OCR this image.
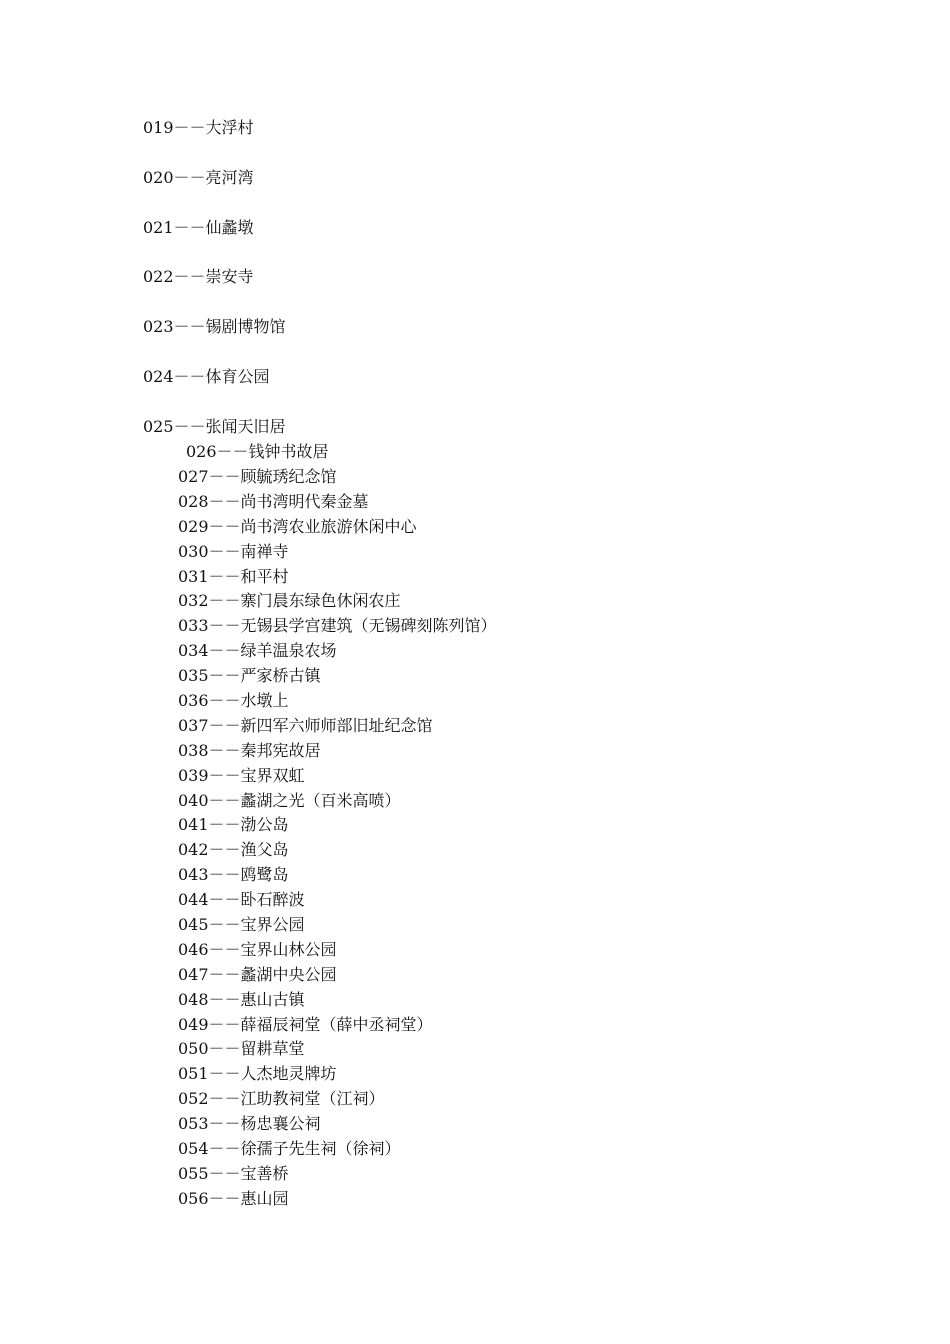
019－－大浮村
020－－亮河湾
021－－仙蠡墩
022－－崇安寺
023－－锡剧博物馆
024－－体育公园
025－－张闻天旧居
026－－钱钟书故居
027－－顾毓琇纪念馆
028－－尚书湾明代秦金墓
029－－尚书湾农业旅游休闲中心
030－－南禅寺
031－－和平村
032－－寨门晨东绿色休闲农庄
033－－无锡县学宫建筑（无锡碑刻陈列馆）
034－－绿羊温泉农场
035－－严家桥古镇
036－－水墩上
037－－新四军六师师部旧址纪念馆
038－－秦邦宪故居
039－－宝界双虹
040－－蠡湖之光（百米高喷）
041－－渤公岛
042－－渔父岛
043－－鸥鹭岛
044－－卧石醉波
045－－宝界公园
046－－宝界山林公园
047－－蠡湖中央公园
048－－惠山古镇
049－－薛福辰祠堂（薛中丞祠堂）
050－－留耕草堂
051－－人杰地灵牌坊
052－－江助教祠堂（江祠）
053－－杨忠襄公祠
054－－徐孺子先生祠（徐祠）
055－－宝善桥
056－－惠山园
